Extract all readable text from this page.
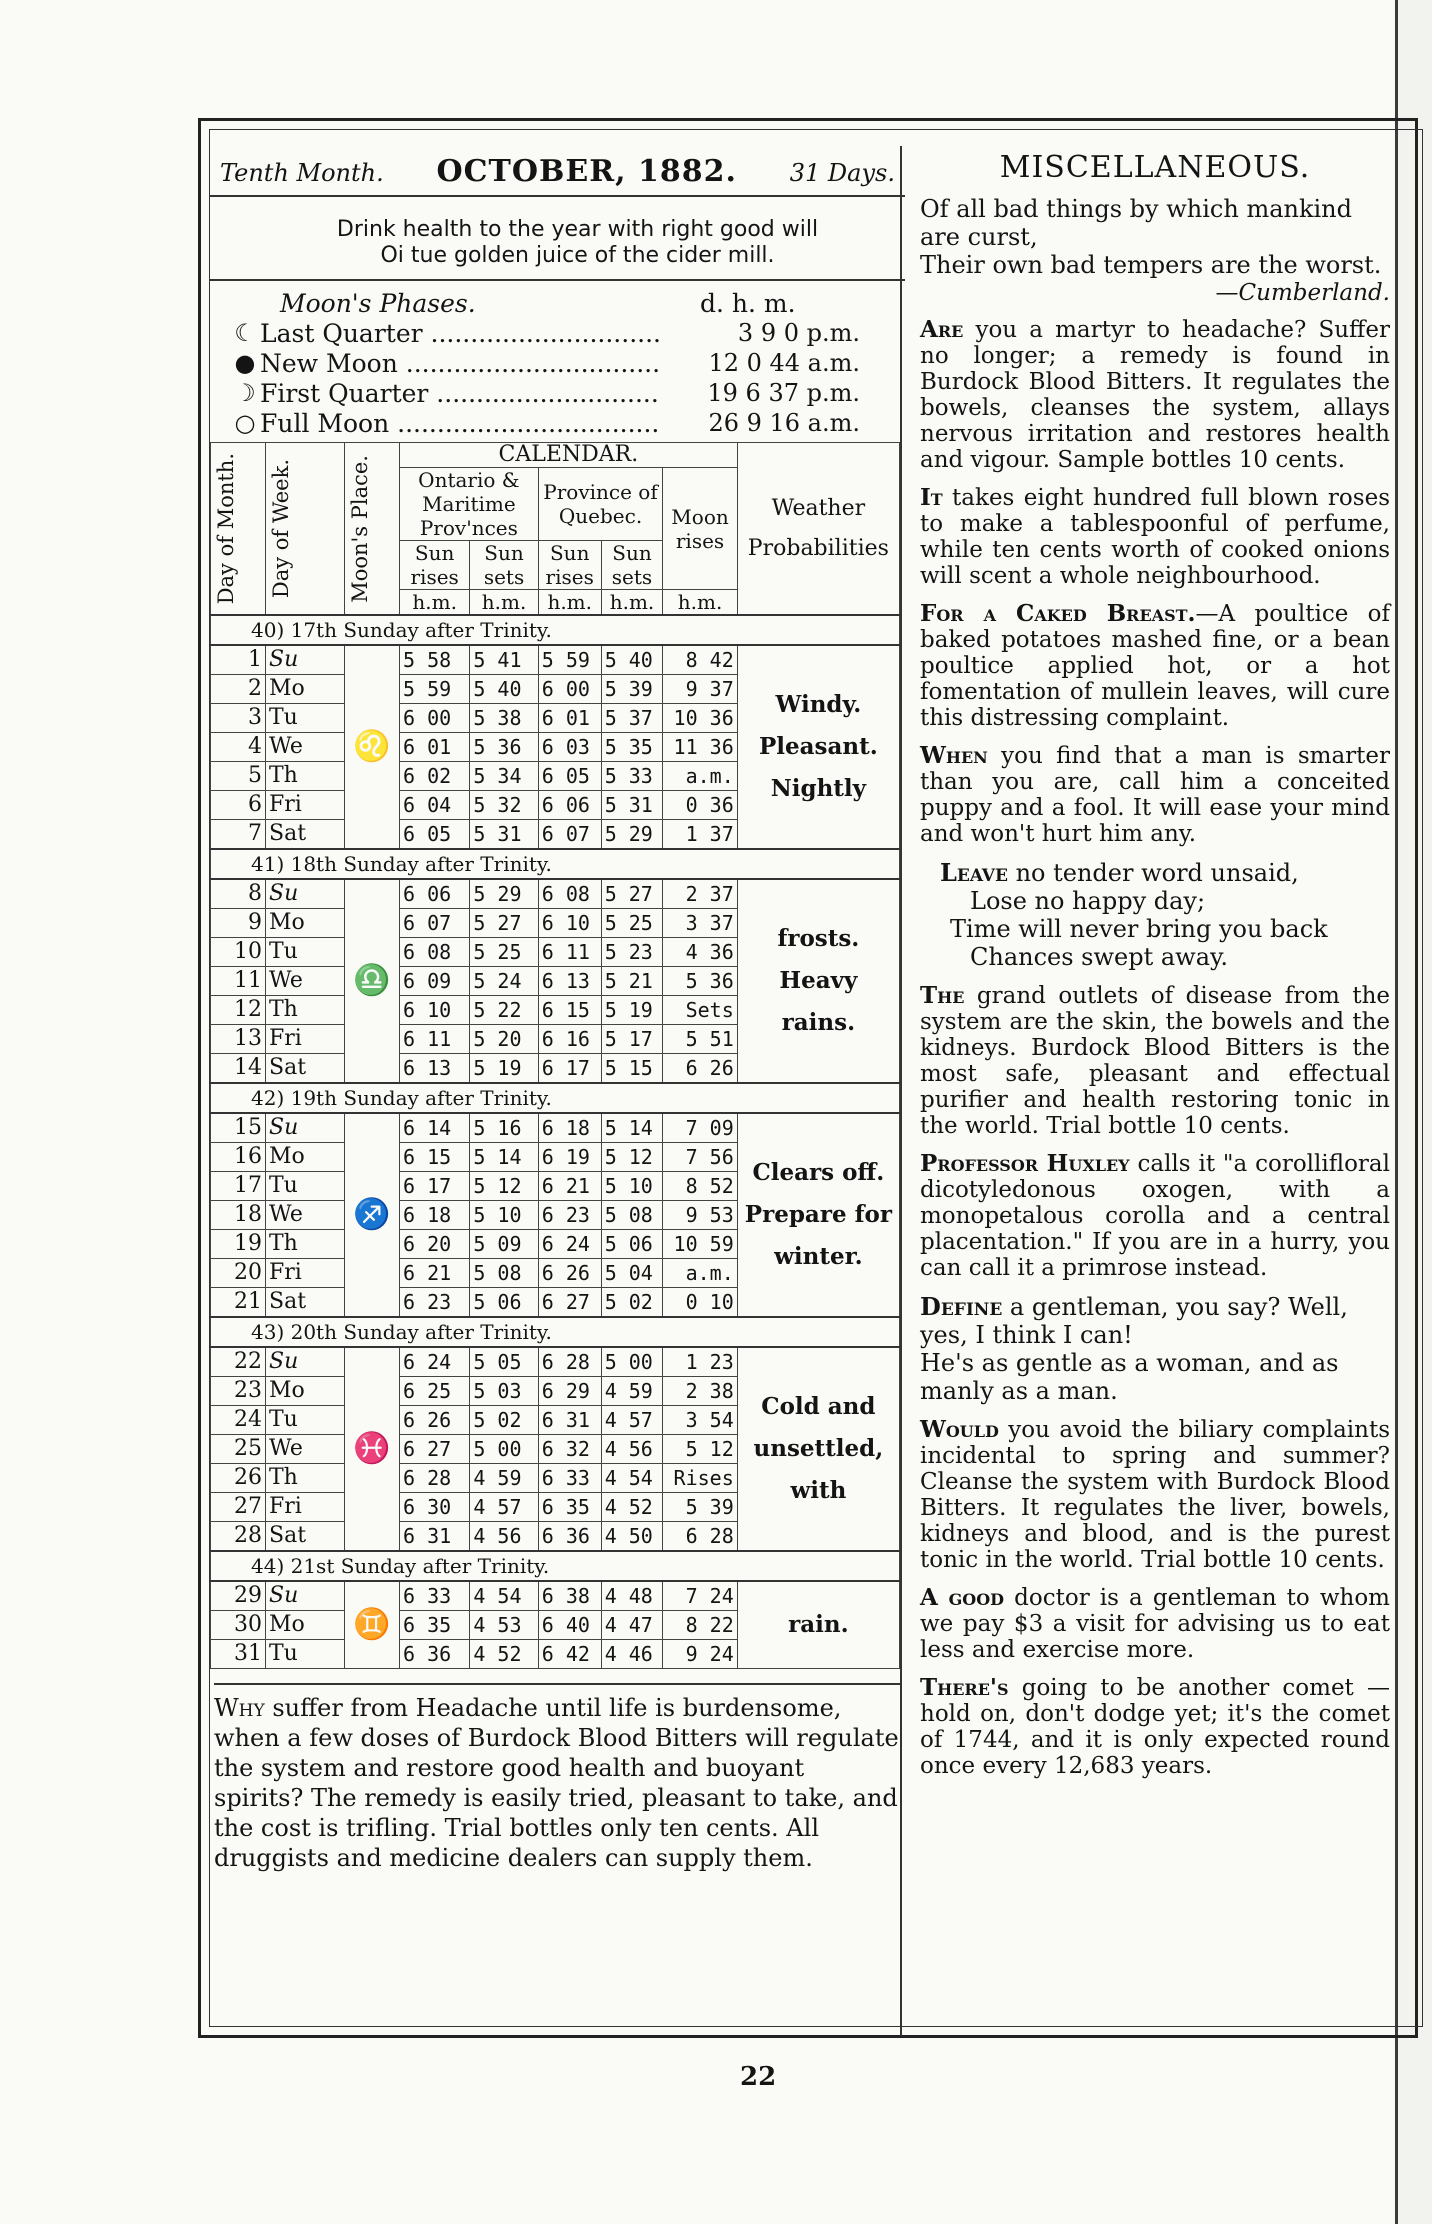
Tenth Month. OCTOBER, 1882. 31 Days.
Drink health to the year with right good will
Oi tue golden juice of the cider mill.
Moon's Phases.	d. h. m.
☾ Last Quarter .....	3 9 0 p.m.
● New Moon .....	12 0 44 a.m.
☽ First Quarter .....	19 6 37 p.m.
○ Full Moon .....	26 9 16 a.m.
Day of Month.	Day of Week.	Moon's Place.	CALENDAR.					Weather Probabilities
			Ontario & Maritime Prov'nces		Province of Quebec.		Moon rises	
			Sun rises	Sun sets	Sun rises	Sun sets		
			h.m.	h.m.	h.m.	h.m.	h.m.	
40) 17th Sunday after Trinity.								
1	Su	♌	5 58	5 41	5 59	5 40	8 42	Windy.
Pleasant.
Nightly

2	Mo		5 59	5 40	6 00	5 39	9 37	
3	Tu		6 00	5 38	6 01	5 37	10 36	
4	We		6 01	5 36	6 03	5 35	11 36	
5	Th		6 02	5 34	6 05	5 33	a.m.	
6	Fri		6 04	5 32	6 06	5 31	0 36	
7	Sat		6 05	5 31	6 07	5 29	1 37	
41) 18th Sunday after Trinity.								
8	Su	♎	6 06	5 29	6 08	5 27	2 37	frosts.
Heavy
rains.

9	Mo		6 07	5 27	6 10	5 25	3 37	
10	Tu		6 08	5 25	6 11	5 23	4 36	
11	We		6 09	5 24	6 13	5 21	5 36	
12	Th		6 10	5 22	6 15	5 19	Sets	
13	Fri		6 11	5 20	6 16	5 17	5 51	
14	Sat		6 13	5 19	6 17	5 15	6 26	
42) 19th Sunday after Trinity.								
15	Su	♐	6 14	5 16	6 18	5 14	7 09	Clears off.
Prepare for
winter.

16	Mo		6 15	5 14	6 19	5 12	7 56	
17	Tu		6 17	5 12	6 21	5 10	8 52	
18	We		6 18	5 10	6 23	5 08	9 53	
19	Th		6 20	5 09	6 24	5 06	10 59	
20	Fri		6 21	5 08	6 26	5 04	a.m.	
21	Sat		6 23	5 06	6 27	5 02	0 10	
43) 20th Sunday after Trinity.								
22	Su	♓	6 24	5 05	6 28	5 00	1 23	Cold and
unsettled,
with

23	Mo		6 25	5 03	6 29	4 59	2 38	
24	Tu		6 26	5 02	6 31	4 57	3 54	
25	We		6 27	5 00	6 32	4 56	5 12	
26	Th		6 28	4 59	6 33	4 54	Rises	
27	Fri		6 30	4 57	6 35	4 52	5 39	
28	Sat		6 31	4 56	6 36	4 50	6 28	
44) 21st Sunday after Trinity.								
29	Su	♊	6 33	4 54	6 38	4 48	7 24	rain.

30	Mo		6 35	4 53	6 40	4 47	8 22	
31	Tu		6 36	4 52	6 42	4 46	9 24	
Why suffer from Headache until life is burdensome, when a few doses of Burdock Blood Bitters will regulate the system and restore good health and buoyant spirits? The remedy is easily tried, pleasant to take, and the cost is trifling. Trial bottles only ten cents. All druggists and medicine dealers can supply them.
MISCELLANEOUS.
Of all bad things by which mankind are curst,
Their own bad tempers are the worst.
—Cumberland.
Are you a martyr to headache? Suffer no longer; a remedy is found in Burdock Blood Bitters. It regulates the bowels, cleanses the system, allays nervous irritation and restores health and vigour. Sample bottles 10 cents.
It takes eight hundred full blown roses to make a tablespoonful of perfume, while ten cents worth of cooked onions will scent a whole neighbourhood.
For a Caked Breast.—A poultice of baked potatoes mashed fine, or a bean poultice applied hot, or a hot fomentation of mullein leaves, will cure this distressing complaint.
When you find that a man is smarter than you are, call him a conceited puppy and a fool. It will ease your mind and won't hurt him any.
Leave no tender word unsaid,
Lose no happy day;
Time will never bring you back
Chances swept away.
The grand outlets of disease from the system are the skin, the bowels and the kidneys. Burdock Blood Bitters is the most safe, pleasant and effectual purifier and health restoring tonic in the world. Trial bottle 10 cents.
Professor Huxley calls it "a corollifloral dicotyledonous oxogen, with a monopetalous corolla and a central placentation." If you are in a hurry, you can call it a primrose instead.
Define a gentleman, you say? Well, yes, I think I can!
He's as gentle as a woman, and as manly as a man.
Would you avoid the biliary complaints incidental to spring and summer? Cleanse the system with Burdock Blood Bitters. It regulates the liver, bowels, kidneys and blood, and is the purest tonic in the world. Trial bottle 10 cents.
A good doctor is a gentleman to whom we pay $3 a visit for advising us to eat less and exercise more.
There's going to be another comet —hold on, don't dodge yet; it's the comet of 1744, and it is only expected round once every 12,683 years.
22
